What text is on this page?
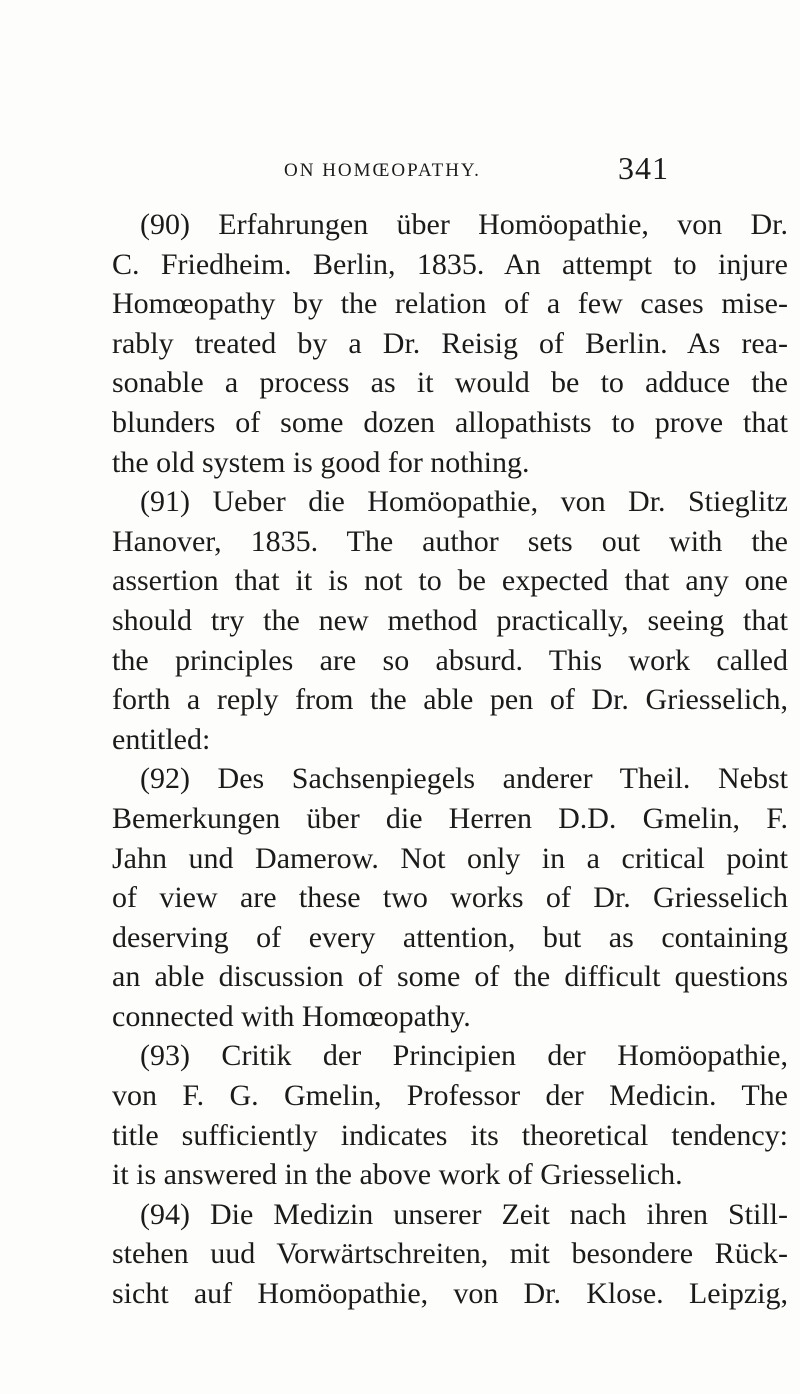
ON HOMŒOPATHY.	341
(90) Erfahrungen über Homöopathie, von Dr.
C. Friedheim. Berlin, 1835. An attempt to injure
Homœopathy by the relation of a few cases mise-
rably treated by a Dr. Reisig of Berlin. As rea-
sonable a process as it would be to adduce the
blunders of some dozen allopathists to prove that
the old system is good for nothing.
(91) Ueber die Homöopathie, von Dr. Stieglitz
Hanover, 1835. The author sets out with the
assertion that it is not to be expected that any one
should try the new method practically, seeing that
the principles are so absurd. This work called
forth a reply from the able pen of Dr. Griesselich,
entitled:
(92) Des Sachsenpiegels anderer Theil. Nebst
Bemerkungen über die Herren D.D. Gmelin, F.
Jahn und Damerow. Not only in a critical point
of view are these two works of Dr. Griesselich
deserving of every attention, but as containing
an able discussion of some of the difficult questions
connected with Homœopathy.
(93) Critik der Principien der Homöopathie,
von F. G. Gmelin, Professor der Medicin. The
title sufficiently indicates its theoretical tendency:
it is answered in the above work of Griesselich.
(94) Die Medizin unserer Zeit nach ihren Still-
stehen uud Vorwärtschreiten, mit besondere Rück-
sicht auf Homöopathie, von Dr. Klose. Leipzig,
